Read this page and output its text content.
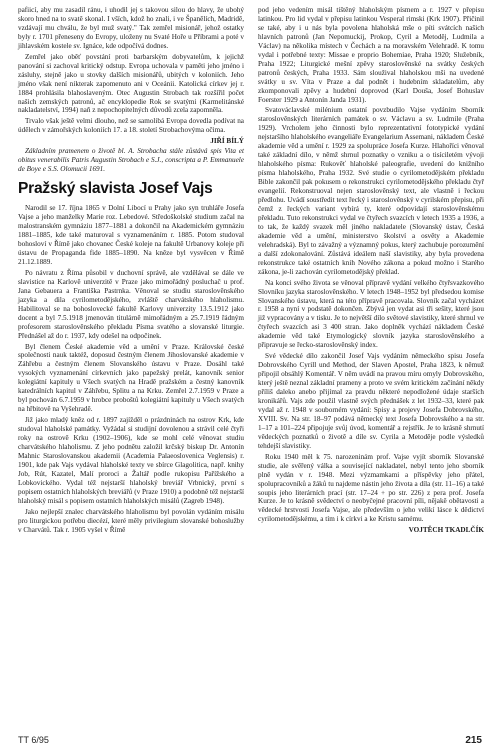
pafiicí, aby mu zasadil ránu, i uhodil jej s takovou silou do hlavy, že ubohý skoro hned na to svatě skonal. I vších, kdož ho znali, i ve Španělích, Madridě, vzdávají mu chválu, že byl muž svatý." Tak zemřel misionář, jehož ostatky byly r. 1701 přeneseny do Evropy, uloženy nu Svaté Hoře u Příbrami a poté v jihlavském kostele sv. Ignáce, kde odpočívá dodnes.

Zemřel jako oběť povstání proti barbarským dobyvatelům, k jejichž panování si zachoval kritický odstup. Evropa uchovala v paměti jeho jméno i zásluhy, stejně jako u stovky dalších misionářů, ubitých v koloniích. Jeho jméno však není nikterak zapomenuto ani v Oceánii. Katolická církev jej r. 1884 prohlásila blahoslaveným. Otec Augustin Strobach tak rozšířil počet našich zemských patronů, ač encyklopedie Rok se svatými (Karmelitánské nakladatelství, 1994) naň z nepochopitelných důvodů zcela zapomněla.

Trvalo však ještě velmi dlouho, než se samolibá Evropa dovedla podívat na údělech v zámořských koloniích 17. a 18. století Strobachovýma očima.

JIŘÍ BÍLÝ

Základním pramenem o životě bl. A. Strobacha stále zůstává spis Vita et obitus venerabilis Patris Augustin Strobach e S.J., conscripta a P. Emmanuele de Boye e S.S. Olomucii 1691.

Pražský slavista Josef Vajs

Narodil se 17. října 1865 v Dolní Libocí u Prahy jako syn truhláře Josefa Vajse a jeho manželky Marie roz. Lebedové. Středoškolské studium začal na malostranském gymnáziu 1877–1881 a dokončil na Akademickém gymnáziu 1881–1885, kde také maturoval s vyznamenáním r. 1885. Potom studoval bohosloví v Římě jako chovanec České koleje na fakultě Urbanovy koleje při ústavu de Propaganda fide 1885–1890. Na kněze byl vysvěcen v Římě 21.12.1889.

Po návratu z Říma působil v duchovní správě, ale vzdělával se dále ve slavistice na Karlově univerzitě v Praze jako mimořádný posluchač u prof. Jana Gebauera a Františka Pastrnka. Věnoval se studiu staroslověnského jazyka a dila cyrilometodějského, zvláště charvátského hlaholismu. Habilitoval se na bohoslovecké fakultě Karlovy univerzity 13.5.1912 jako docent a byl 7.5.1918 jmenován titulárně mimořádným a 25.7.1919 řádným profesorem staroslověnského překladu Písma svatého a slovanské liturgie. Přednášel až do r. 1937, kdy odešel na odpočinek.

Byl členem České akademie věd a umění v Praze. Královské české společnosti nauk taktéž, doposud čestným členem Jihoslovanské akademie v Záhřebu a čestným členem Slovanského ústavu v Praze. Dosáhl také vysokých vyznamenání církevních jako papežský prelát, kanovník senior kolegiátní kapituly u Všech svatých na Hradě pražském a čestný kanovník katedrálních kapitul v Záhřebu, Splitu a na Krku. Zemřel 2.7.1959 v Praze a byl pochován 6.7.1959 v hrobce proboštů kolegiátní kapituly u Všech svatých na hřbitově na Vyšehradě.

Již jako mladý kněz od r. 1897 zajížděl o prázdninách na ostrov Krk, kde studoval hlaholské památky. Vyžádal si studijní dovolenou a strávil celé čtyři roky na ostrově Krku (1902–1906), kde se mohl celé věnovat studiu charvátského hlaholismu. Z jeho podnětu založil krčský biskup Dr. Antonín Mahnic Staroslovanskou akademii (Academia Palaeoslovenica Veglensis) r. 1901, kde pak Vajs vydával hlaholské texty ve sbírce Glagolitica, např. knihy Job, Rút, Kazatel, Malí proroci a Žaltář podle rukopisu Pařížského a Lobkovického. Vydal též nejstarší hlaholský breviář Vrbnický, první s popisem ostatních hlaholských breviářů (v Praze 1910) a podobně též nejstarší hlaholský misál s popisem ostatních hlaholských misálů (Zagreb 1948).

Jako nejlepší znalec charvátského hlaholismu byl povolán vydáním misálu pro liturgickou potřebu diecézí, které měly privilegium slovanské bohoslužby v Charvátů. Tak r. 1905 vyšel v Římě

pod jeho vedením misál tištěný hlaholským písmem a r. 1927 v přepisu latinkou. Pro lid vydal v přepisu latinkou Vesperal rimski (Krk 1907). Přičinil se také, aby i u nás byla povolena hlaholská mše o píti svátcích našich hlavních patronů (Jan Nepomuckij, Prokop, Cyril a Metoděj, Ludmila a Václav) na několika místech v Čechách a na moravském Velehradě. K tomu vydal i potřebné texty: Missae e proprio Bohemiae, Praha 1920; Služebník, Praha 1922; Liturgické mešní zpěvy staroslověnské na svátky českých patronů českých, Praha 1933. Sám sloužival hlaholskou mši na uvedené svátky u sv. Víta v Praze a dal podnět i hudebním skladatelům, aby zkomponovali zpěvy a hudební doprovod (Karl Douša, Josef Bohuslav Foerster 1929 a Antonín Janda 1931).

Svatováclavské milénium ostatní povzbudilo Vajse vydáním Sborník staroslověnských literárních památek o sv. Václavu a sv. Ludmile (Praha 1929). Vrcholem jeho činnosti bylo reprezentativní fototypické vydání nejstaršího hlaholského evangeliáře Evangelarium Assemani, nákladem České akademie věd a umění r. 1929 za spolupráce Josefa Kurze. Hlahoříci věnoval také základní dílo, v němž shrnul poznatky o vzniku a o tisíciletém vývoji hlaholského písma: Rukověť hlaholské paleografie, uvedení do knižního písma hlaholského, Praha 1932. Své studie o cyrilometodějském překladu Bible zakončil pak pokusem o rekonstrukci cyrilometodějského překladu čtyř evangelií. Rekonstruoval nejen staroslověnský text, ale vlastně i řeckou předlohu. Uvádí soustředit text řecký i staroslověnský v cyrilském přepisu, při čemž z řeckých variant vybírá ty, které odpovídají staroslověnskému překladu. Tuto rekonstrukci vydal ve čtyřech svazcích v letech 1935 a 1936, a to tak, že každý svazek měl jiného nakladatele (Slovanský ústav, Česká akademie věd a umění, ministerstvo školství a osvěty a Akademie velehradská). Byl to závažný a významný pokus, který zachubuje porozumění a další zdokonalování. Zůstává ideálem naší slavistiky, aby byla provedena rekonstrukce také ostatních knih Nového zákona a pokud možno i Starého zákona, je-li zachován cyrilometodějský překlad.

Na konci svého života se věnoval přípravě vydání velkého čtyřsvazkového Slovníku jazyka staroslověnského. V letech 1948–1952 byl předsedou komise Slovanského ústavu, která na této přípravě pracovala. Slovník začal vycházet r. 1958 a nyní v podstatě dokončen. Zbývá jen vydat asi tři sešity, které jsou již vypracovány a v tisku. Je to největší dílo světové slavistiky, které shrnul ve čtyřech svazcích asi 3 400 stran. Jako doplněk vychází nákladem České akademie věd také Etymologický slovník jazyka staroslověnského a připravuje se řecko-staroslověnský index.

Své vědecké dílo zakončil Josef Vajs vydáním německého spisu Josefa Dobrovského Cyrill und Method, der Slaven Apostel, Praha 1823, k němuž připojil obsáhlý Komentář. V něm uvádí na pravou míru omyly Dobrovského, který ještě neznal základní prameny a proto ve svém kritickém začínání někdy příliš daleko anebo přijímal za pravdu některé nepodložené údaje starších kronikářů. Vajs zde použil vlastně svých přednášek z let 1932–33, které pak vydal až r. 1948 v souborném vydání: Spisy a projevy Josefa Dobrovského, XVIII. Sv. Na str. 18–97 podává německý text Josefa Dobrovského a na str. 1–17 a 101–224 připojuje svůj úvod, komentář a rejstřík. Je to krásně shrnutí vědeckých poznatků o životě a díle sv. Cyrila a Metoděje podle výsledků tehdejší slavistiky.

Roku 1940 měl k 75. narozeninám prof. Vajse vyjít sborník Slovanské studie, ale svěřený válka a související nakladatel, nebyl tento jeho sborník plně vydán v r. 1948. Mezi výzmamkami a příspěvky jeho přátel, spolupracovníků a žáků tu najdeme nástin jeho života a díla (str. 11–16) a také soupis jeho literárních prací (str. 17–24 + po str. 226) z pera prof. Josefa Kurze. Je to krásně svědectví o neobyčejné pracovní píli, nějakě obětavosti a vědecké hrstvosti Josefa Vajse, ale především o jeho velikí lásce k dědictví cyrilometodějskému, a tím i k církvi a ke Kristu samému.

VOJTĚCH TKADLČÍK
TT 6/95	215
